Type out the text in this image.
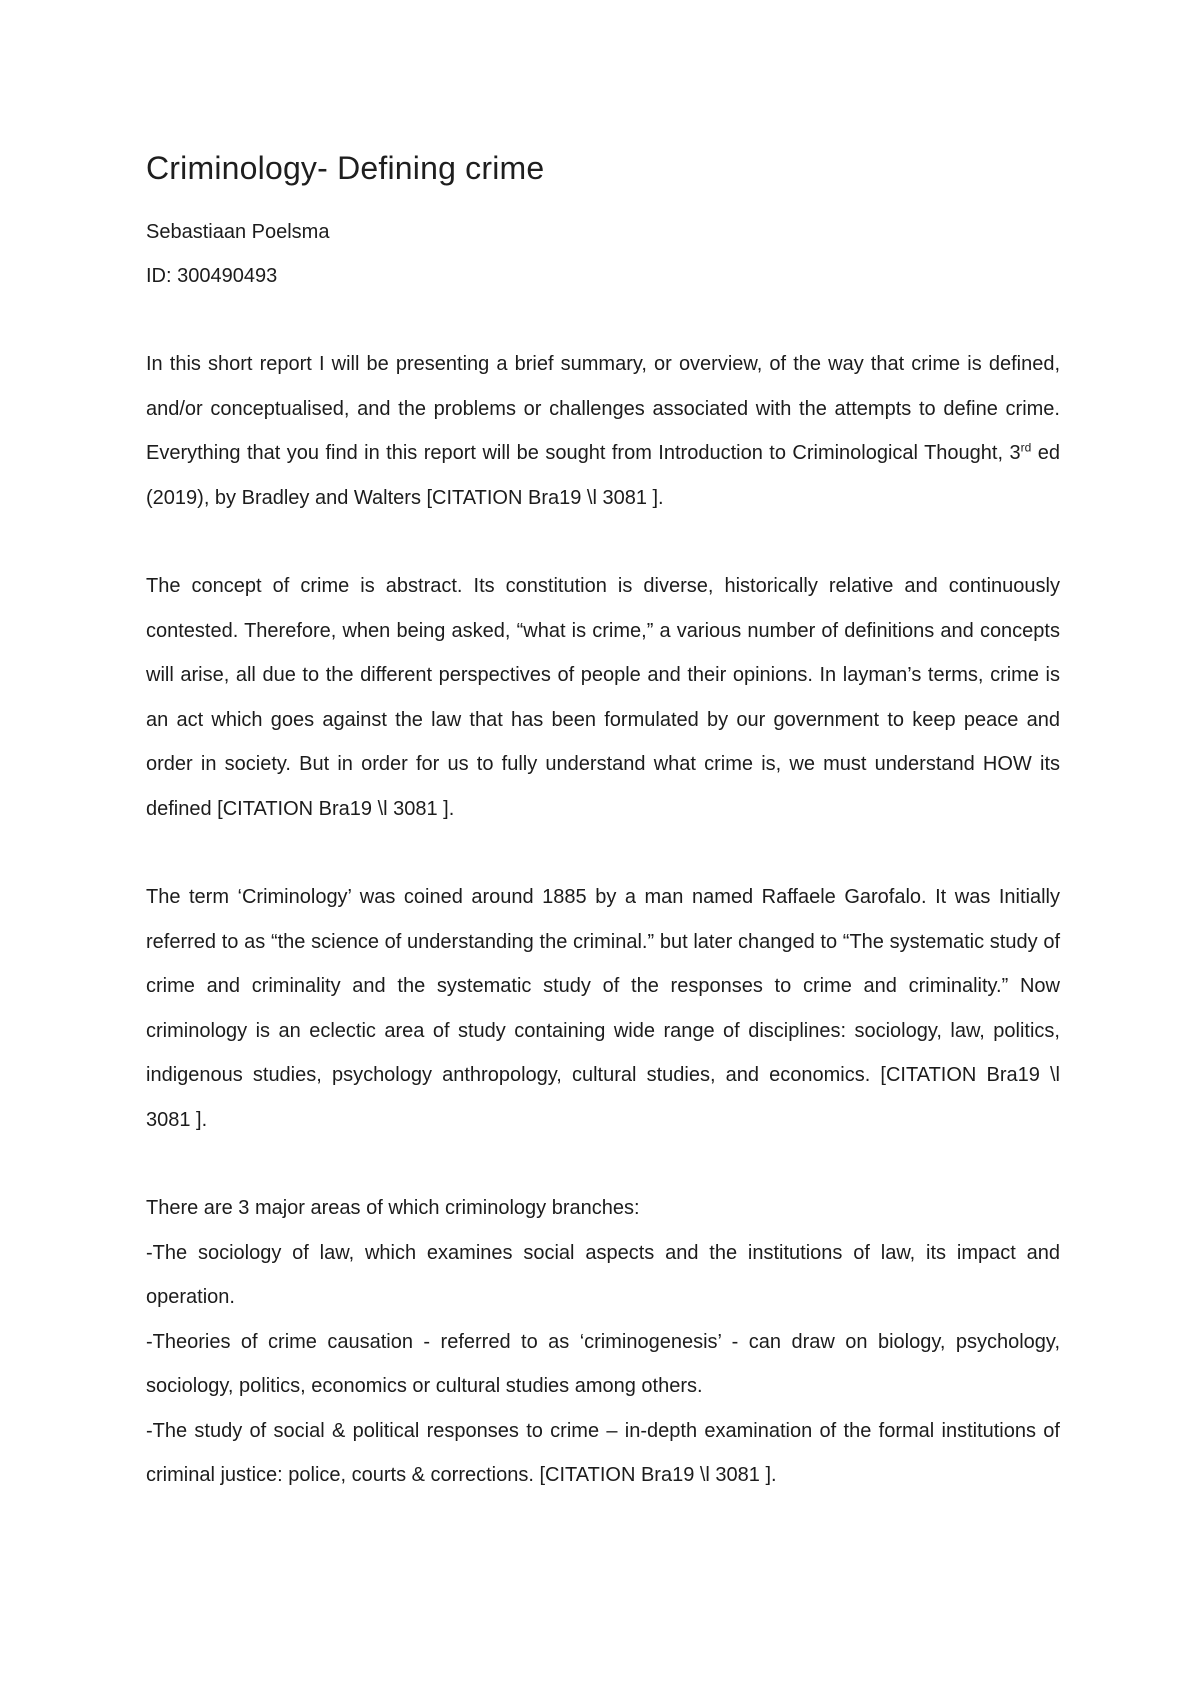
Criminology- Defining crime

Sebastiaan Poelsma

ID: 300490493

In this short report I will be presenting a brief summary, or overview, of the way that crime is defined, and/or conceptualised, and the problems or challenges associated with the attempts to define crime. Everything that you find in this report will be sought from Introduction to Criminological Thought, 3rd ed (2019), by Bradley and Walters [CITATION Bra19 \l 3081 ].

The concept of crime is abstract. Its constitution is diverse, historically relative and continuously contested. Therefore, when being asked, “what is crime,” a various number of definitions and concepts will arise, all due to the different perspectives of people and their opinions. In layman’s terms, crime is an act which goes against the law that has been formulated by our government to keep peace and order in society. But in order for us to fully understand what crime is, we must understand HOW its defined [CITATION Bra19 \l 3081 ].

The term ‘Criminology’ was coined around 1885 by a man named Raffaele Garofalo. It was Initially referred to as “the science of understanding the criminal.” but later changed to “The systematic study of crime and criminality and the systematic study of the responses to crime and criminality.” Now criminology is an eclectic area of study containing wide range of disciplines: sociology, law, politics, indigenous studies, psychology anthropology, cultural studies, and economics. [CITATION Bra19 \l 3081 ].

There are 3 major areas of which criminology branches:

-The sociology of law, which examines social aspects and the institutions of law, its impact and operation.

-Theories of crime causation - referred to as ‘criminogenesis’ - can draw on biology, psychology, sociology, politics, economics or cultural studies among others.

-The study of social & political responses to crime – in-depth examination of the formal institutions of criminal justice: police, courts & corrections. [CITATION Bra19 \l 3081 ].
